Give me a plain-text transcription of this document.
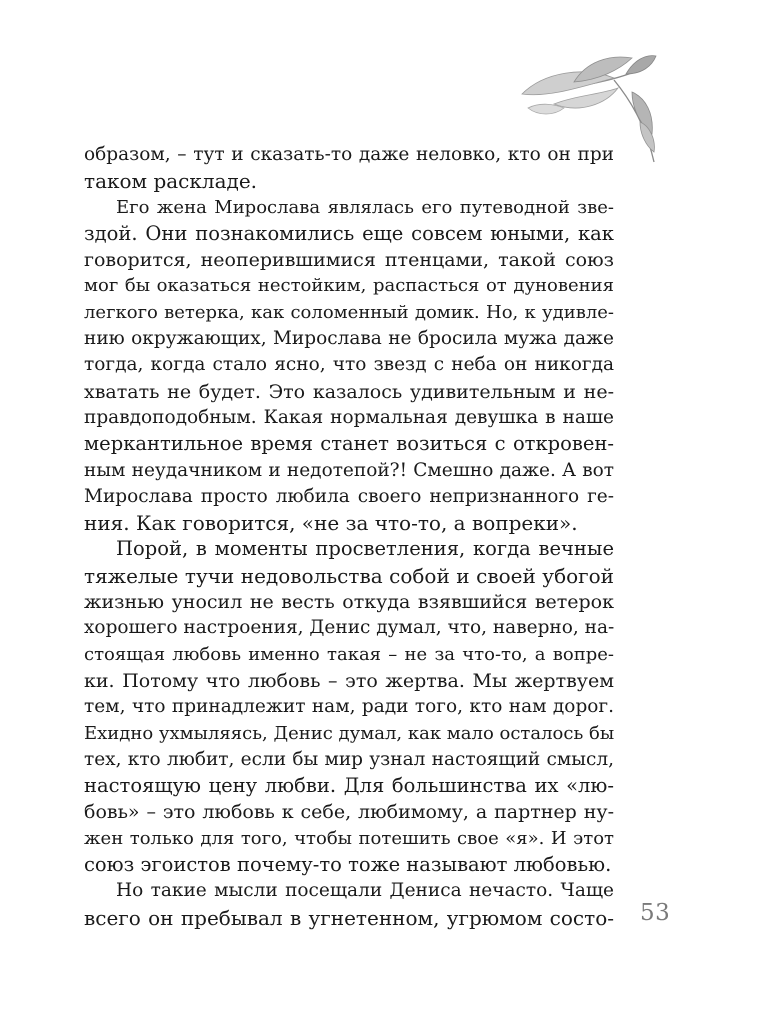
образом, – тут и сказать-то даже неловко, кто он при
таком раскладе.
Его жена Мирослава являлась его путеводной зве-
здой. Они познакомились еще совсем юными, как
говорится, неоперившимися птенцами, такой союз
мог бы оказаться нестойким, распасться от дуновения
легкого ветерка, как соломенный домик. Но, к удивле-
нию окружающих, Мирослава не бросила мужа даже
тогда, когда стало ясно, что звезд с неба он никогда
хватать не будет. Это казалось удивительным и не-
правдоподобным. Какая нормальная девушка в наше
меркантильное время станет возиться с откровен-
ным неудачником и недотепой?! Смешно даже. А вот
Мирослава просто любила своего непризнанного ге-
ния. Как говорится, «не за что-то, а вопреки».
Порой, в моменты просветления, когда вечные
тяжелые тучи недовольства собой и своей убогой
жизнью уносил не весть откуда взявшийся ветерок
хорошего настроения, Денис думал, что, наверно, на-
стоящая любовь именно такая – не за что-то, а вопре-
ки. Потому что любовь – это жертва. Мы жертвуем
тем, что принадлежит нам, ради того, кто нам дорог.
Ехидно ухмыляясь, Денис думал, как мало осталось бы
тех, кто любит, если бы мир узнал настоящий смысл,
настоящую цену любви. Для большинства их «лю-
бовь» – это любовь к себе, любимому, а партнер ну-
жен только для того, чтобы потешить свое «я». И этот
союз эгоистов почему-то тоже называют любовью.
Но такие мысли посещали Дениса нечасто. Чаще
всего он пребывал в угнетенном, угрюмом состо- 53
